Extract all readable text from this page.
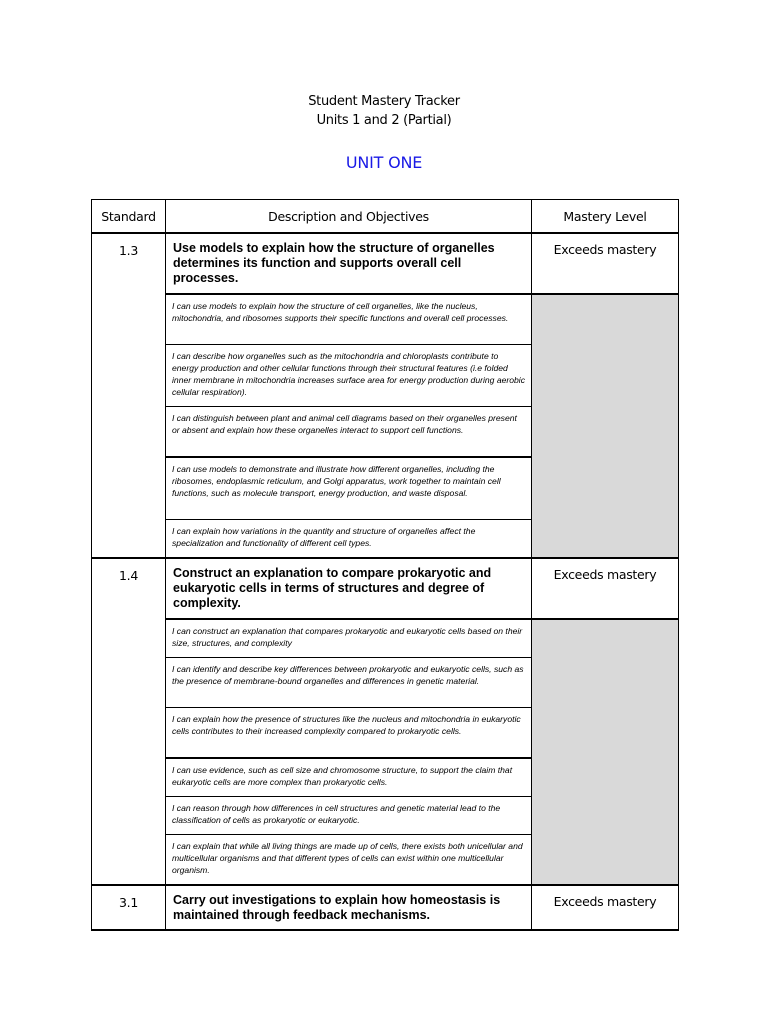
Student Mastery Tracker
Units 1 and 2 (Partial)
UNIT ONE
Standard	Description and Objectives	Mastery Level
1.3	Use models to explain how the structure of organelles determines its function and supports overall cell processes.	Exceeds mastery
	I can use models to explain how the structure of cell organelles, like the nucleus, mitochondria, and ribosomes supports their specific functions and overall cell processes.	
	I can describe how organelles such as the mitochondria and chloroplasts contribute to energy production and other cellular functions through their structural features (i.e folded inner membrane in mitochondria increases surface area for energy production during aerobic cellular respiration).	
	I can distinguish between plant and animal cell diagrams based on their organelles present or absent and explain how these organelles interact to support cell functions.	
	I can use models to demonstrate and illustrate how different organelles, including the ribosomes, endoplasmic reticulum, and Golgi apparatus, work together to maintain cell functions, such as molecule transport, energy production, and waste disposal.	
	I can explain how variations in the quantity and structure of organelles affect the specialization and functionality of different cell types.	
1.4	Construct an explanation to compare prokaryotic and eukaryotic cells in terms of structures and degree of complexity.	Exceeds mastery
	I can construct an explanation that compares prokaryotic and eukaryotic cells based on their size, structures, and complexity	
	I can identify and describe key differences between prokaryotic and eukaryotic cells, such as the presence of membrane-bound organelles and differences in genetic material.	
	I can explain how the presence of structures like the nucleus and mitochondria in eukaryotic cells contributes to their increased complexity compared to prokaryotic cells.	
	I can use evidence, such as cell size and chromosome structure, to support the claim that eukaryotic cells are more complex than prokaryotic cells.	
	I can reason through how differences in cell structures and genetic material lead to the classification of cells as prokaryotic or eukaryotic.	
	I can explain that while all living things are made up of cells, there exists both unicellular and multicellular organisms and that different types of cells can exist within one multicellular organism.	
3.1	Carry out investigations to explain how homeostasis is maintained through feedback mechanisms.	Exceeds mastery
